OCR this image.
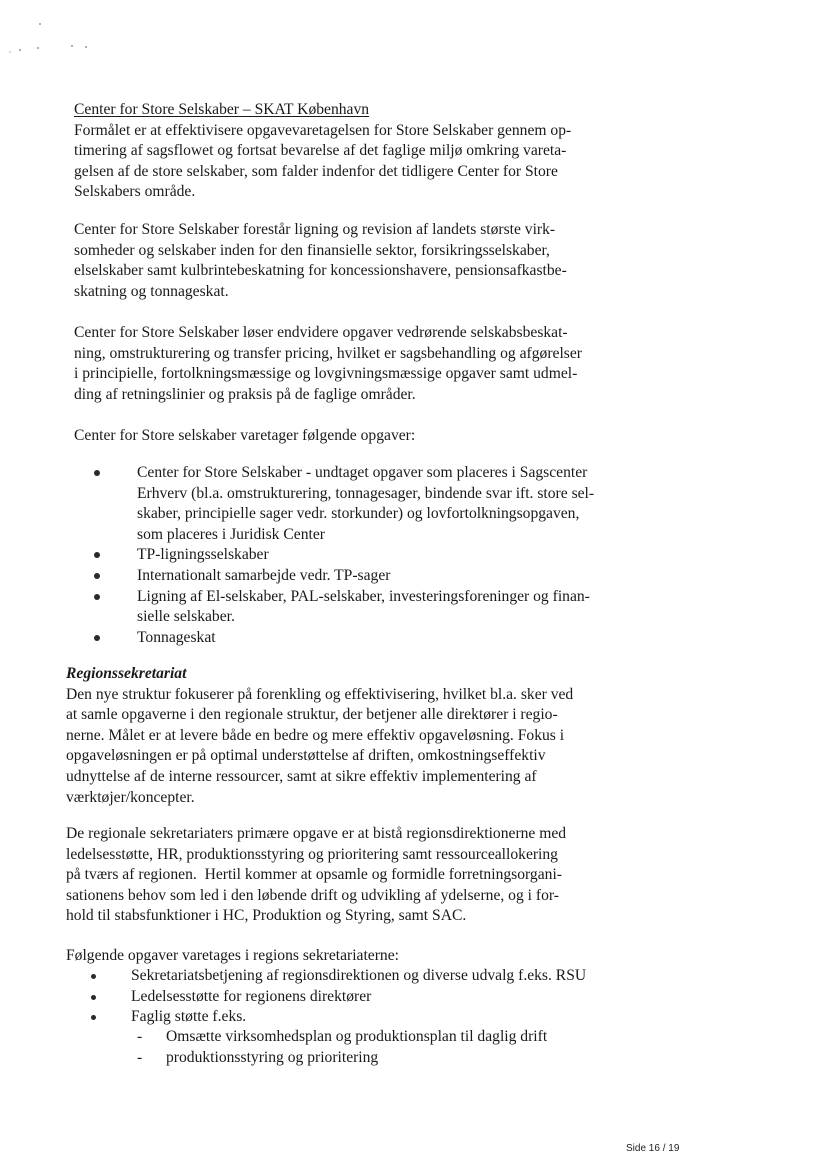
Center for Store Selskaber – SKAT København
Formålet er at effektivisere opgavevaretagelsen for Store Selskaber gennem op-
timering af sagsflowet og fortsat bevarelse af det faglige miljø omkring vareta-
gelsen af de store selskaber, som falder indenfor det tidligere Center for Store
Selskabers område.
Center for Store Selskaber forestår ligning og revision af landets største virk-
somheder og selskaber inden for den finansielle sektor, forsikringsselskaber,
elselskaber samt kulbrintebeskatning for koncessionshavere, pensionsafkastbe-
skatning og tonnageskat.
Center for Store Selskaber løser endvidere opgaver vedrørende selskabsbeskat-
ning, omstrukturering og transfer pricing, hvilket er sagsbehandling og afgørelser
i principielle, fortolkningsmæssige og lovgivningsmæssige opgaver samt udmel-
ding af retningslinier og praksis på de faglige områder.
Center for Store selskaber varetager følgende opgaver:
Center for Store Selskaber - undtaget opgaver som placeres i Sagscenter
Erhverv (bl.a. omstrukturering, tonnagesager, bindende svar ift. store sel-
skaber, principielle sager vedr. storkunder) og lovfortolkningsopgaven,
som placeres i Juridisk Center
TP-ligningsselskaber
Internationalt samarbejde vedr. TP-sager
Ligning af El-selskaber, PAL-selskaber, investeringsforeninger og finan-
sielle selskaber.
Tonnageskat
Regionssekretariat
Den nye struktur fokuserer på forenkling og effektivisering, hvilket bl.a. sker ved
at samle opgaverne i den regionale struktur, der betjener alle direktører i regio-
nerne. Målet er at levere både en bedre og mere effektiv opgaveløsning. Fokus i
opgaveløsningen er på optimal understøttelse af driften, omkostningseffektiv
udnyttelse af de interne ressourcer, samt at sikre effektiv implementering af
værktøjer/koncepter.
De regionale sekretariaters primære opgave er at bistå regionsdirektionerne med
ledelsesstøtte, HR, produktionsstyring og prioritering samt ressourceallokering
på tværs af regionen.  Hertil kommer at opsamle og formidle forretningsorgani-
sationens behov som led i den løbende drift og udvikling af ydelserne, og i for-
hold til stabsfunktioner i HC, Produktion og Styring, samt SAC.
Følgende opgaver varetages i regions sekretariaterne:
Sekretariatsbetjening af regionsdirektionen og diverse udvalg f.eks. RSU
Ledelsesstøtte for regionens direktører
Faglig støtte f.eks.
- Omsætte virksomhedsplan og produktionsplan til daglig drift
- produktionsstyring og prioritering
Side 16 / 19
